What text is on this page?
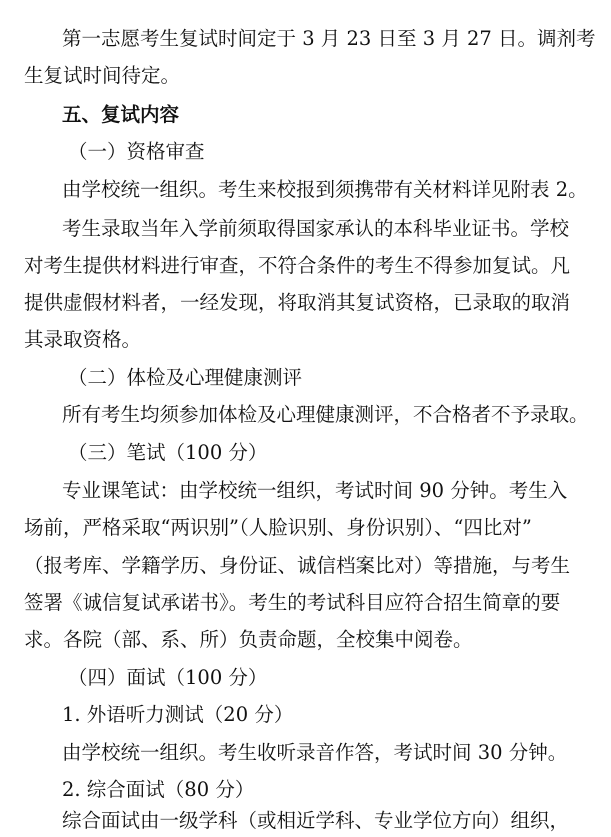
第一志愿考生复试时间定于 3 月 23 日至 3 月 27 日。调剂考
生复试时间待定。
五、复试内容
（一）资格审查
由学校统一组织。考生来校报到须携带有关材料详见附表 2。
考生录取当年入学前须取得国家承认的本科毕业证书。学校
对考生提供材料进行审查，不符合条件的考生不得参加复试。凡
提供虚假材料者，一经发现，将取消其复试资格，已录取的取消
其录取资格。
（二）体检及心理健康测评
所有考生均须参加体检及心理健康测评，不合格者不予录取。
（三）笔试（100 分）
专业课笔试：由学校统一组织，考试时间 90 分钟。考生入
场前，严格采取“两识别”（人脸识别、身份识别）、“四比对”
（报考库、学籍学历、身份证、诚信档案比对）等措施，与考生
签署《诚信复试承诺书》。考生的考试科目应符合招生简章的要
求。各院（部、系、所）负责命题，全校集中阅卷。
（四）面试（100 分）
1. 外语听力测试（20 分）
由学校统一组织。考生收听录音作答，考试时间 30 分钟。
2. 综合面试（80 分）
综合面试由一级学科（或相近学科、专业学位方向）组织，
